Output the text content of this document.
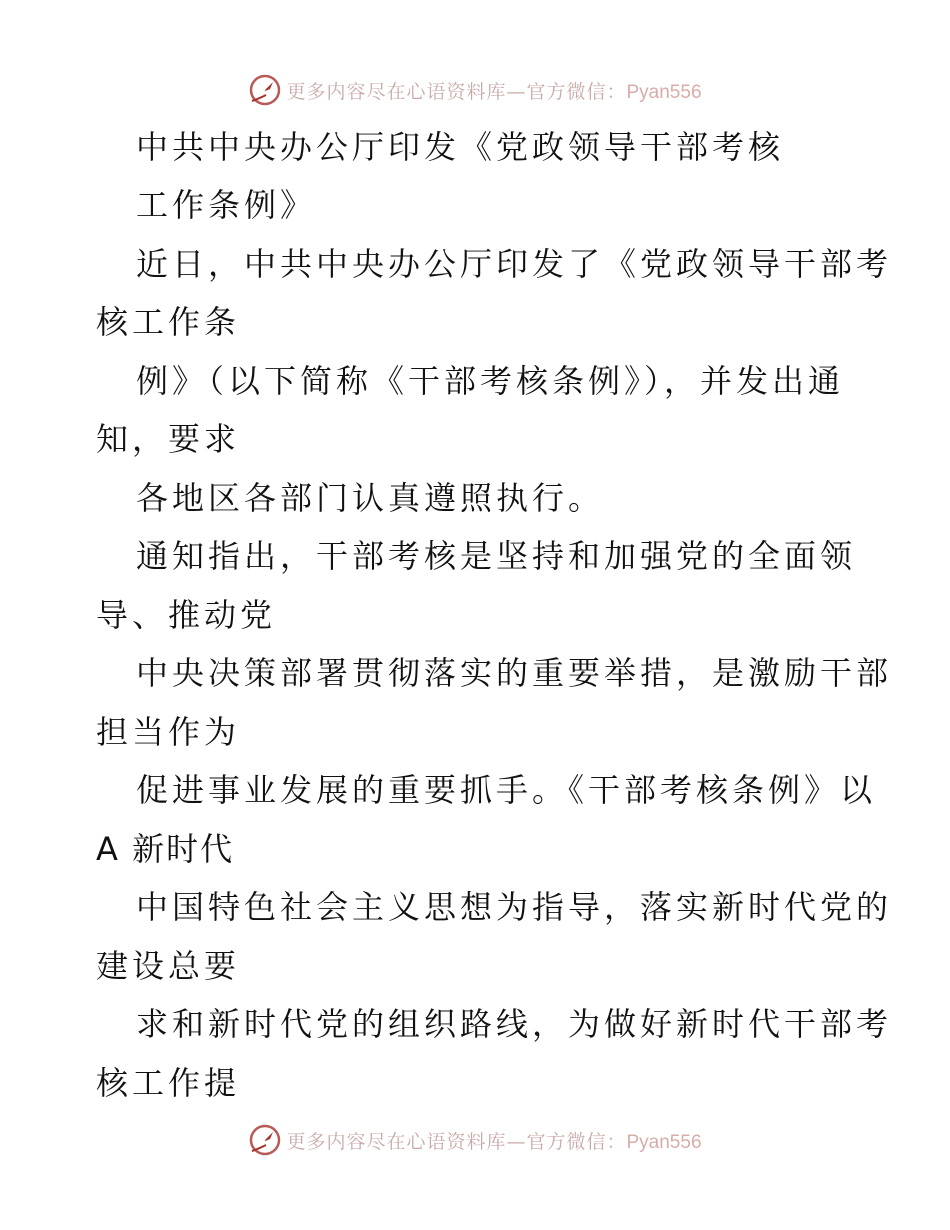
更多内容尽在心语资料库—官方微信：Pyan556
中共中央办公厅印发《党政领导干部考核
工作条例》
近日，中共中央办公厅印发了《党政领导干部考
核工作条
例》（以下简称《干部考核条例》），并发出通
知，要求
各地区各部门认真遵照执行。
通知指出，干部考核是坚持和加强党的全面领
导、推动党
中央决策部署贯彻落实的重要举措，是激励干部
担当作为
促进事业发展的重要抓手。《干部考核条例》以
A 新时代
中国特色社会主义思想为指导，落实新时代党的
建设总要
求和新时代党的组织路线，为做好新时代干部考
核工作提
更多内容尽在心语资料库—官方微信：Pyan556
